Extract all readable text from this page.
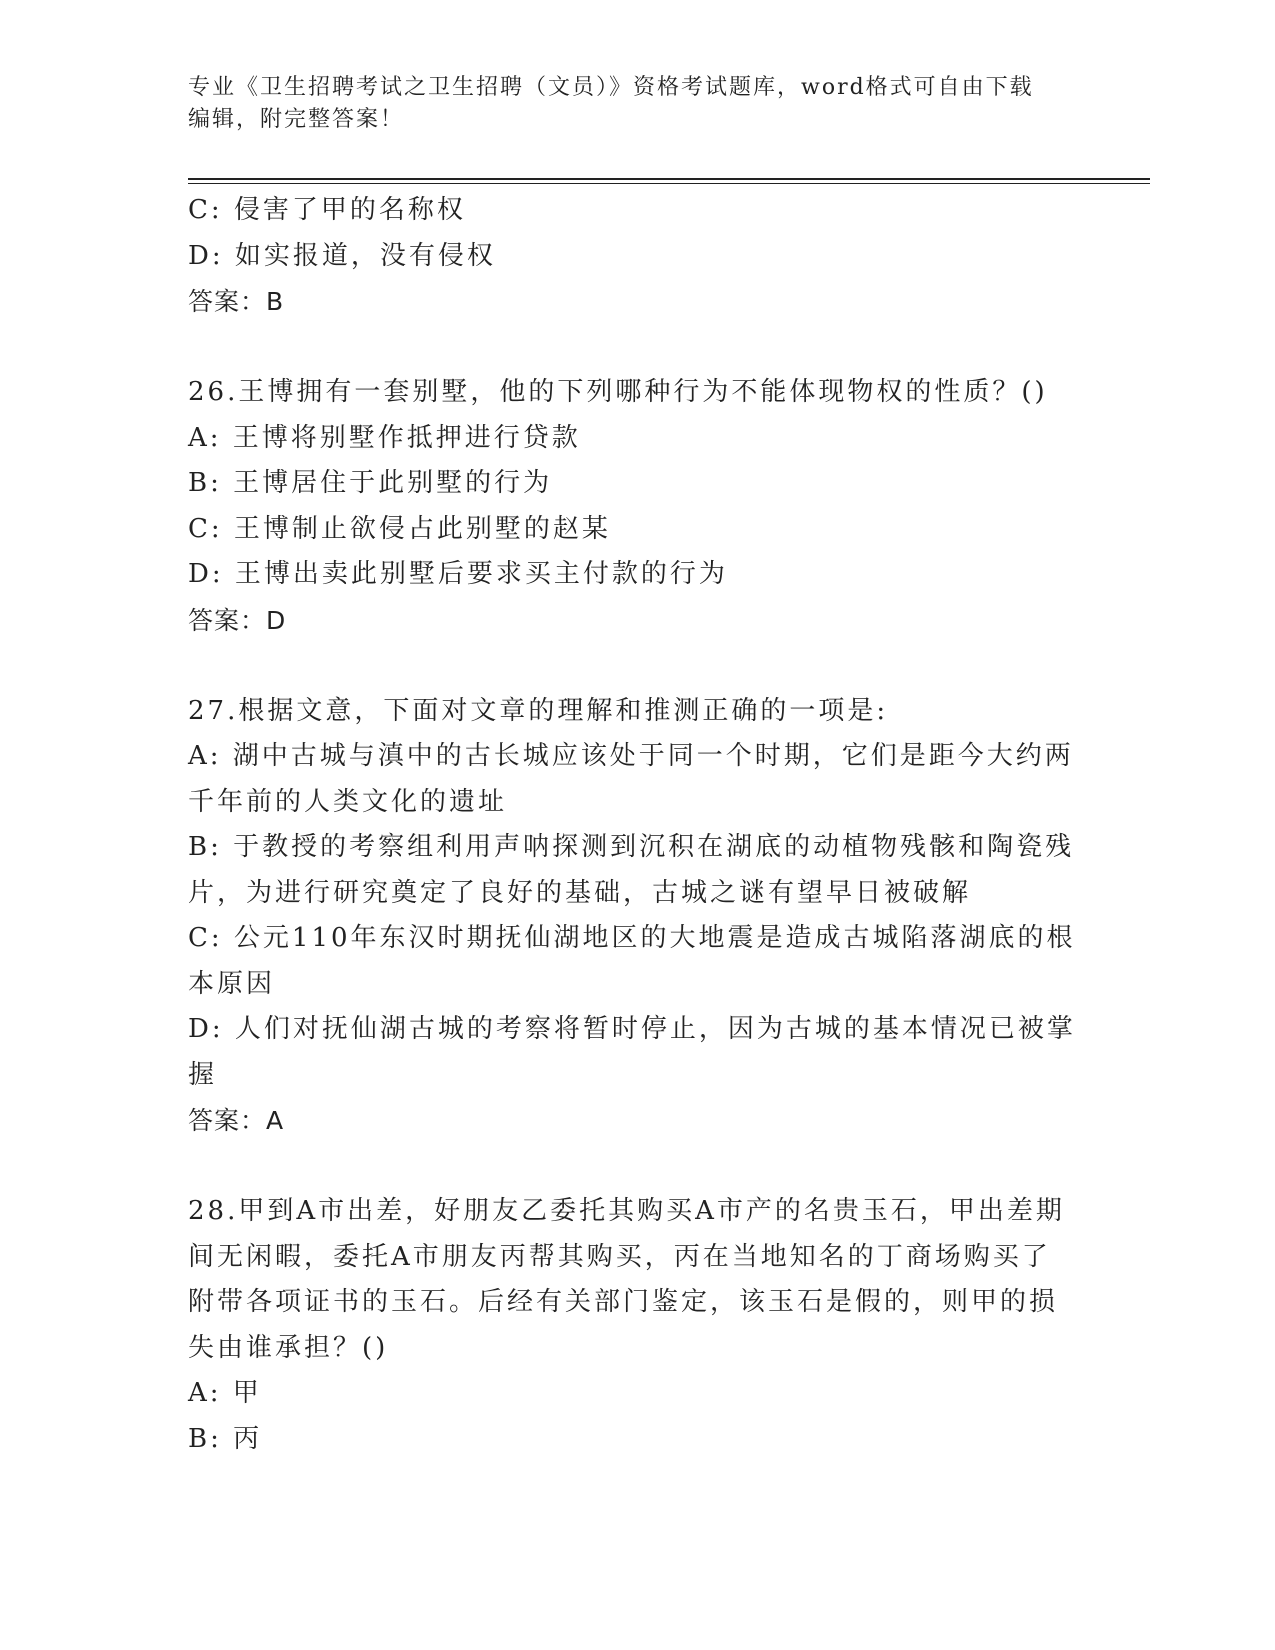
专业《卫生招聘考试之卫生招聘（文员）》资格考试题库，word格式可自由下载
编辑，附完整答案！
C: 侵害了甲的名称权
D: 如实报道，没有侵权
答案：B
26.王博拥有一套别墅，他的下列哪种行为不能体现物权的性质？()
A: 王博将别墅作抵押进行贷款
B: 王博居住于此别墅的行为
C: 王博制止欲侵占此别墅的赵某
D: 王博出卖此别墅后要求买主付款的行为
答案：D
27.根据文意，下面对文章的理解和推测正确的一项是:
A: 湖中古城与滇中的古长城应该处于同一个时期，它们是距今大约两
千年前的人类文化的遗址
B: 于教授的考察组利用声呐探测到沉积在湖底的动植物残骸和陶瓷残
片，为进行研究奠定了良好的基础，古城之谜有望早日被破解
C: 公元110年东汉时期抚仙湖地区的大地震是造成古城陷落湖底的根
本原因
D: 人们对抚仙湖古城的考察将暂时停止，因为古城的基本情况已被掌
握
答案：A
28.甲到A市出差，好朋友乙委托其购买A市产的名贵玉石，甲出差期
间无闲暇，委托A市朋友丙帮其购买，丙在当地知名的丁商场购买了
附带各项证书的玉石。后经有关部门鉴定，该玉石是假的，则甲的损
失由谁承担？()
A: 甲
B: 丙
